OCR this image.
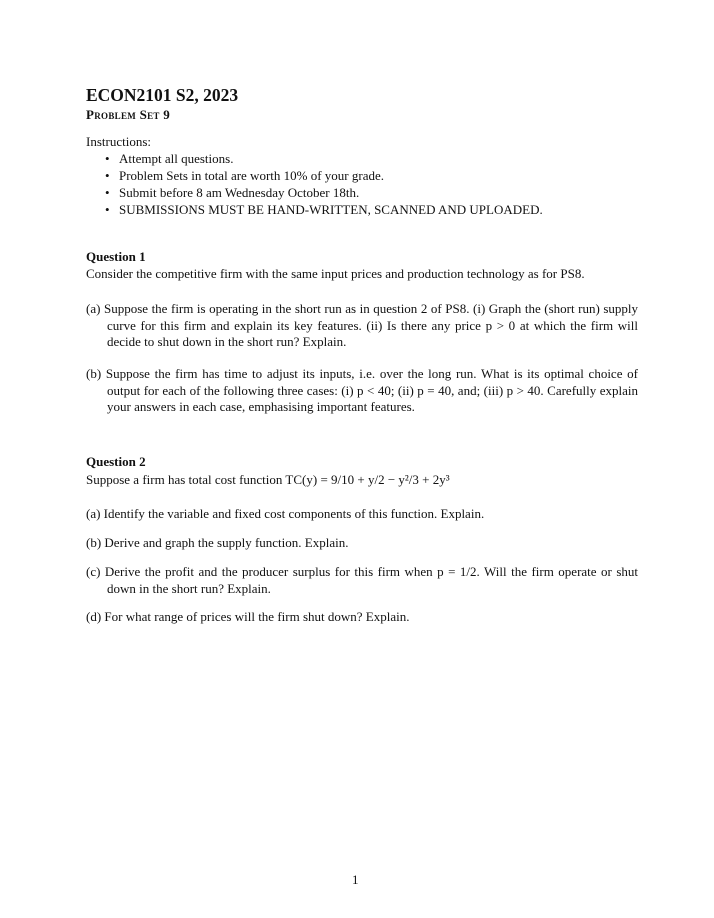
ECON2101 S2, 2023
Problem Set 9
Instructions:
• Attempt all questions.
• Problem Sets in total are worth 10% of your grade.
• Submit before 8 am Wednesday October 18th.
• SUBMISSIONS MUST BE HAND-WRITTEN, SCANNED AND UPLOADED.
Question 1
Consider the competitive firm with the same input prices and production technology as for PS8.
(a) Suppose the firm is operating in the short run as in question 2 of PS8. (i) Graph the (short run) supply curve for this firm and explain its key features. (ii) Is there any price p > 0 at which the firm will decide to shut down in the short run? Explain.
(b) Suppose the firm has time to adjust its inputs, i.e. over the long run. What is its optimal choice of output for each of the following three cases: (i) p < 40; (ii) p = 40, and; (iii) p > 40. Carefully explain your answers in each case, emphasising important features.
Question 2
Suppose a firm has total cost function TC(y) = 9/10 + y/2 − y²/3 + 2y³
(a) Identify the variable and fixed cost components of this function. Explain.
(b) Derive and graph the supply function. Explain.
(c) Derive the profit and the producer surplus for this firm when p = 1/2. Will the firm operate or shut down in the short run? Explain.
(d) For what range of prices will the firm shut down? Explain.
1
